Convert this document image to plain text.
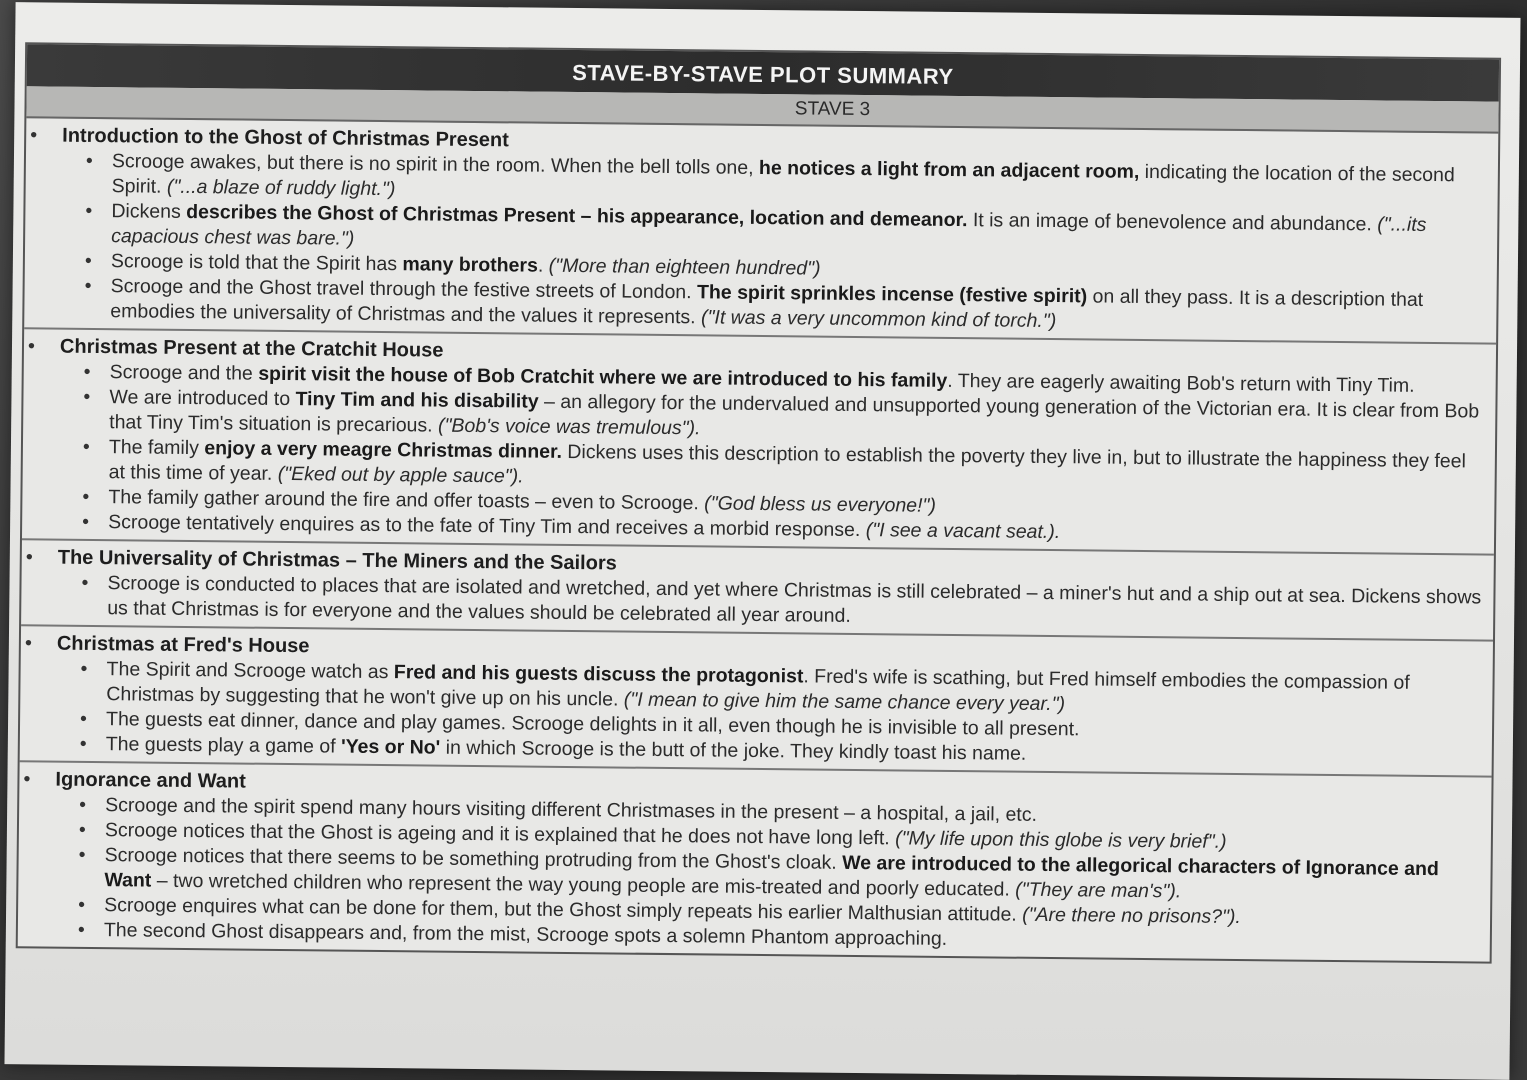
STAVE-BY-STAVE PLOT SUMMARY
STAVE 3
• Introduction to the Ghost of Christmas Present
• Scrooge awakes, but there is no spirit in the room. When the bell tolls one, he notices a light from an adjacent room, indicating the location of the second Spirit. ("...a blaze of ruddy light.")
• Dickens describes the Ghost of Christmas Present – his appearance, location and demeanor. It is an image of benevolence and abundance. ("...its capacious chest was bare.")
• Scrooge is told that the Spirit has many brothers. ("More than eighteen hundred")
• Scrooge and the Ghost travel through the festive streets of London. The spirit sprinkles incense (festive spirit) on all they pass. It is a description that embodies the universality of Christmas and the values it represents. ("It was a very uncommon kind of torch.")
• Christmas Present at the Cratchit House
• Scrooge and the spirit visit the house of Bob Cratchit where we are introduced to his family. They are eagerly awaiting Bob's return with Tiny Tim.
• We are introduced to Tiny Tim and his disability – an allegory for the undervalued and unsupported young generation of the Victorian era. It is clear from Bob that Tiny Tim's situation is precarious. ("Bob's voice was tremulous").
• The family enjoy a very meagre Christmas dinner. Dickens uses this description to establish the poverty they live in, but to illustrate the happiness they feel at this time of year. ("Eked out by apple sauce").
• The family gather around the fire and offer toasts – even to Scrooge. ("God bless us everyone!")
• Scrooge tentatively enquires as to the fate of Tiny Tim and receives a morbid response. ("I see a vacant seat.).
• The Universality of Christmas – The Miners and the Sailors
• Scrooge is conducted to places that are isolated and wretched, and yet where Christmas is still celebrated – a miner's hut and a ship out at sea. Dickens shows us that Christmas is for everyone and the values should be celebrated all year around.
• Christmas at Fred's House
• The Spirit and Scrooge watch as Fred and his guests discuss the protagonist. Fred's wife is scathing, but Fred himself embodies the compassion of Christmas by suggesting that he won't give up on his uncle. ("I mean to give him the same chance every year.")
• The guests eat dinner, dance and play games. Scrooge delights in it all, even though he is invisible to all present.
• The guests play a game of 'Yes or No' in which Scrooge is the butt of the joke. They kindly toast his name.
• Ignorance and Want
• Scrooge and the spirit spend many hours visiting different Christmases in the present – a hospital, a jail, etc.
• Scrooge notices that the Ghost is ageing and it is explained that he does not have long left. ("My life upon this globe is very brief".)
• Scrooge notices that there seems to be something protruding from the Ghost's cloak. We are introduced to the allegorical characters of Ignorance and Want – two wretched children who represent the way young people are mis-treated and poorly educated. ("They are man's").
• Scrooge enquires what can be done for them, but the Ghost simply repeats his earlier Malthusian attitude. ("Are there no prisons?").
• The second Ghost disappears and, from the mist, Scrooge spots a solemn Phantom approaching.
